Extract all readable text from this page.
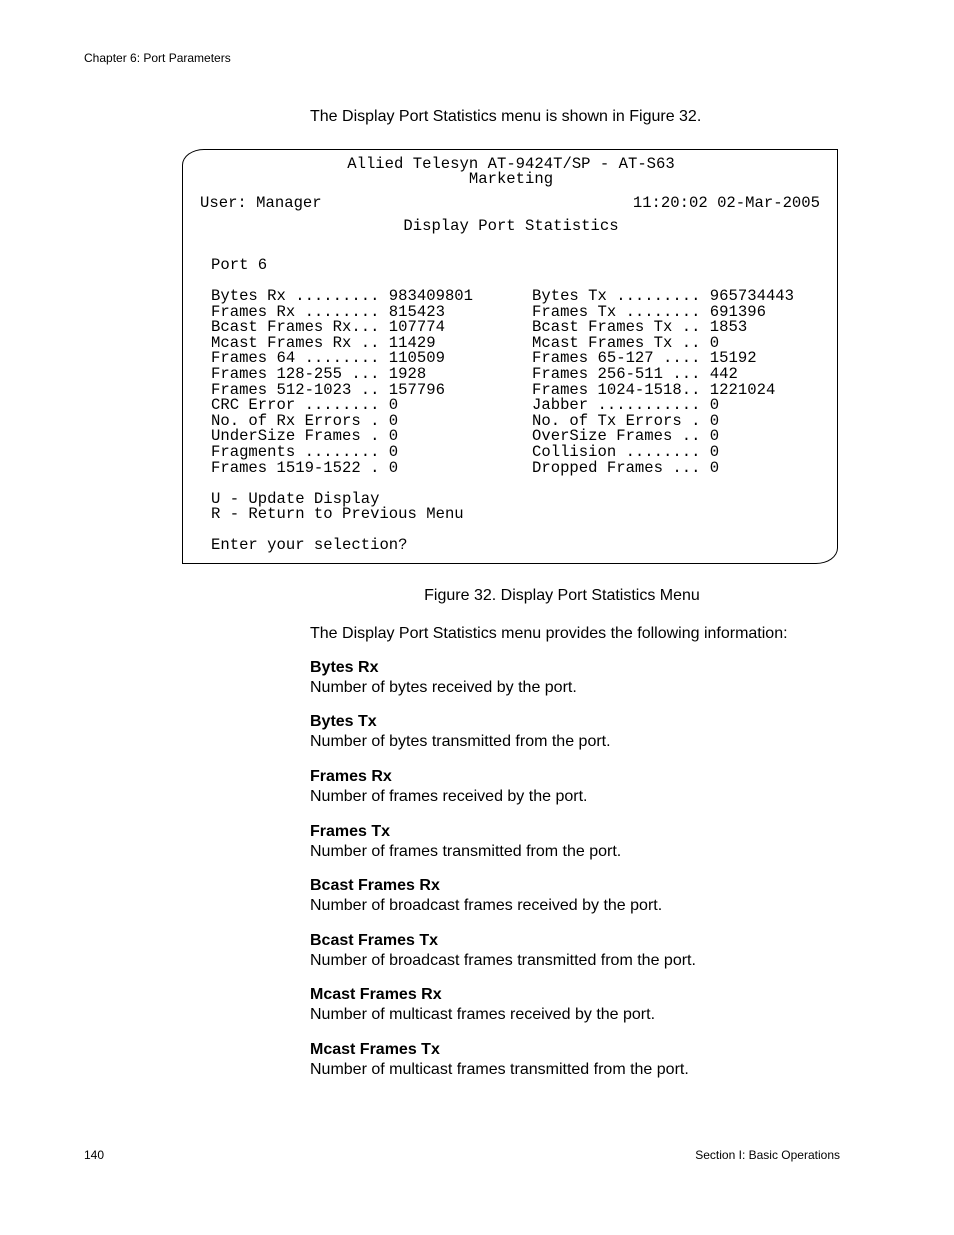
Chapter 6: Port Parameters
The Display Port Statistics menu is shown in Figure 32.
Allied Telesyn AT-9424T/SP - AT-S63
Marketing
User: Manager	11:20:02 02-Mar-2005
Display Port Statistics
Port 6
Bytes Rx ......... 983409801
Frames Rx ........ 815423
Bcast Frames Rx... 107774
Mcast Frames Rx .. 11429
Frames 64 ........ 110509
Frames 128-255 ... 1928
Frames 512-1023 .. 157796
CRC Error ........ 0
No. of Rx Errors . 0
UnderSize Frames . 0
Fragments ........ 0
Frames 1519-1522 . 0
Bytes Tx ......... 965734443
Frames Tx ........ 691396
Bcast Frames Tx .. 1853
Mcast Frames Tx .. 0
Frames 65-127 .... 15192
Frames 256-511 ... 442
Frames 1024-1518.. 1221024
Jabber ........... 0
No. of Tx Errors . 0
OverSize Frames .. 0
Collision ........ 0
Dropped Frames ... 0
U - Update Display
R - Return to Previous Menu
Enter your selection?
Figure 32. Display Port Statistics Menu
The Display Port Statistics menu provides the following information:
Bytes Rx
Number of bytes received by the port.
Bytes Tx
Number of bytes transmitted from the port.
Frames Rx
Number of frames received by the port.
Frames Tx
Number of frames transmitted from the port.
Bcast Frames Rx
Number of broadcast frames received by the port.
Bcast Frames Tx
Number of broadcast frames transmitted from the port.
Mcast Frames Rx
Number of multicast frames received by the port.
Mcast Frames Tx
Number of multicast frames transmitted from the port.
140	Section I: Basic Operations
